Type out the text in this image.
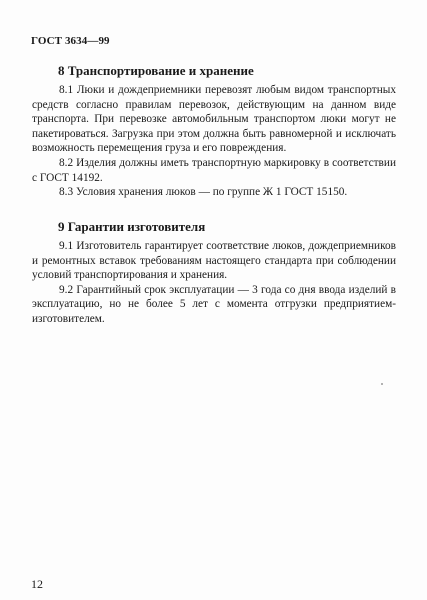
ГОСТ 3634—99
8 Транспортирование и хранение

8.1 Люки и дождеприемники перевозят любым видом транспортных средств согласно правилам перевозок, действующим на данном виде транспорта. При перевозке автомобильным транспортом люки могут не пакетироваться. Загрузка при этом должна быть равномерной и исключать возможность перемещения груза и его повреждения.

8.2 Изделия должны иметь транспортную маркировку в соответствии с ГОСТ 14192.

8.3 Условия хранения люков — по группе Ж 1 ГОСТ 15150.

9 Гарантии изготовителя

9.1 Изготовитель гарантирует соответствие люков, дождеприемников и ремонтных вставок требованиям настоящего стандарта при соблюдении условий транспортирования и хранения.

9.2 Гарантийный срок эксплуатации — 3 года со дня ввода изделий в эксплуатацию, но не более 5 лет с момента отгрузки предприятием-изготовителем.

12
